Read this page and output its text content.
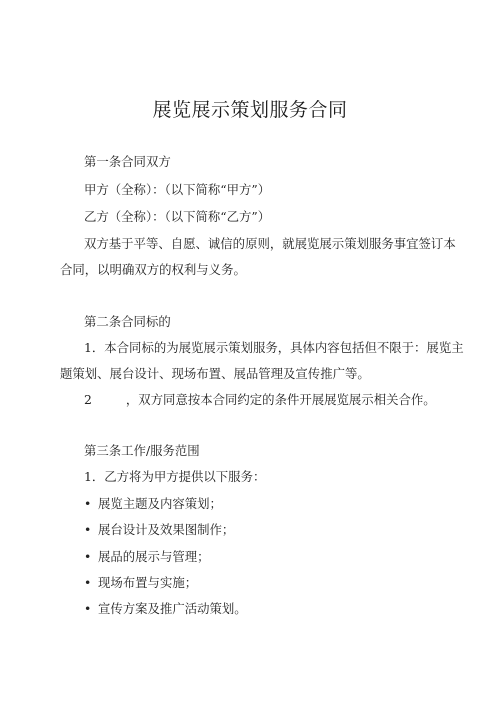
展览展示策划服务合同
第一条合同双方
甲方（全称）：（以下简称“甲方”）
乙方（全称）：（以下简称“乙方”）
双方基于平等、自愿、诚信的原则，就展览展示策划服务事宜签订本
合同，以明确双方的权利与义务。
第二条合同标的
1．本合同标的为展览展示策划服务，具体内容包括但不限于：展览主
题策划、展台设计、现场布置、展品管理及宣传推广等。
2	，双方同意按本合同约定的条件开展展览展示相关合作。
第三条工作/服务范围
1．乙方将为甲方提供以下服务：
• 展览主题及内容策划；
• 展台设计及效果图制作；
• 展品的展示与管理；
• 现场布置与实施；
• 宣传方案及推广活动策划。
